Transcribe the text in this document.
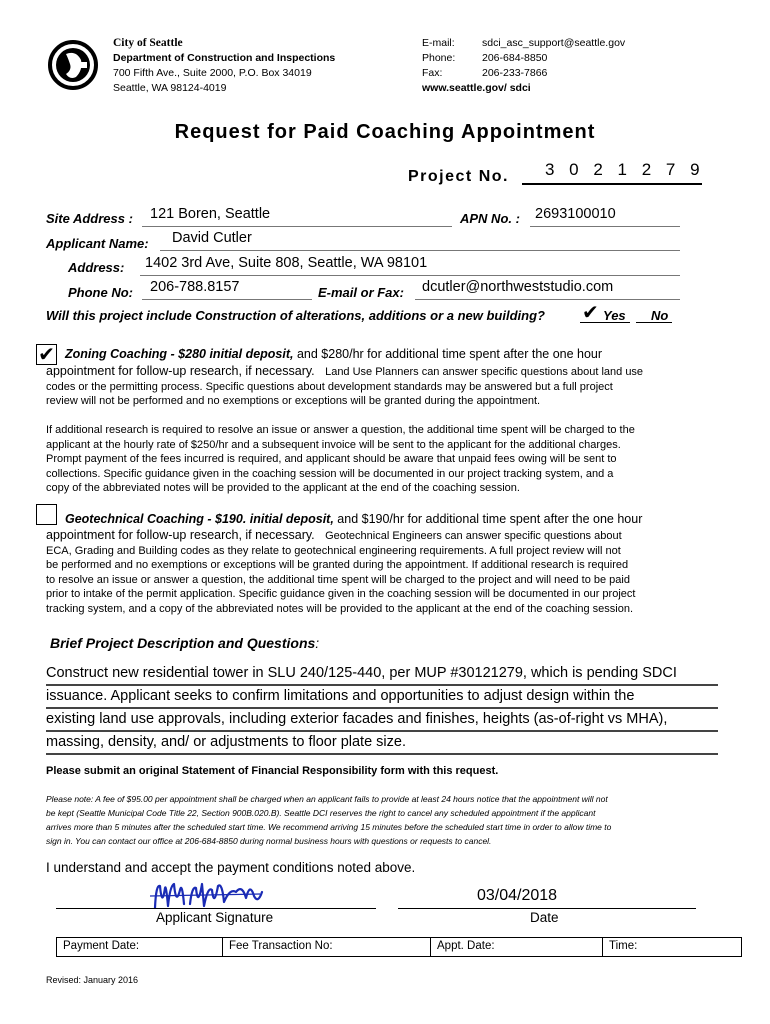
City of Seattle
Department of Construction and Inspections
700 Fifth Ave., Suite 2000, P.O. Box 34019
Seattle, WA 98124-4019
E-mail:	sdci_asc_support@seattle.gov
Phone:	206-684-8850
Fax:	206-233-7866
www.seattle.gov/ sdci
Request for Paid Coaching Appointment
Project No. 3 0 2 1 2 7 9
Site Address : 121 Boren, Seattle	APN No. : 2693100010
Applicant Name: David Cutler
Address: 1402 3rd Ave, Suite 808, Seattle, WA 98101
Phone No: 206-788.8157	E-mail or Fax: dcutler@northweststudio.com
Will this project include Construction of alterations, additions or a new building? ✔ Yes No
✔ Zoning Coaching - $280 initial deposit, and $280/hr for additional time spent after the one hour
appointment for follow-up research, if necessary. Land Use Planners can answer specific questions about land use
codes or the permitting process. Specific questions about development standards may be answered but a full project
review will not be performed and no exemptions or exceptions will be granted during the appointment.
If additional research is required to resolve an issue or answer a question, the additional time spent will be charged to the
applicant at the hourly rate of $250/hr and a subsequent invoice will be sent to the applicant for the additional charges.
Prompt payment of the fees incurred is required, and applicant should be aware that unpaid fees owing will be sent to
collections. Specific guidance given in the coaching session will be documented in our project tracking system, and a
copy of the abbreviated notes will be provided to the applicant at the end of the coaching session.
Geotechnical Coaching - $190. initial deposit, and $190/hr for additional time spent after the one hour
appointment for follow-up research, if necessary. Geotechnical Engineers can answer specific questions about
ECA, Grading and Building codes as they relate to geotechnical engineering requirements. A full project review will not
be performed and no exemptions or exceptions will be granted during the appointment. If additional research is required
to resolve an issue or answer a question, the additional time spent will be charged to the project and will need to be paid
prior to intake of the permit application. Specific guidance given in the coaching session will be documented in our project
tracking system, and a copy of the abbreviated notes will be provided to the applicant at the end of the coaching session.
Brief Project Description and Questions:
Construct new residential tower in SLU 240/125-440, per MUP #30121279, which is pending SDCI
issuance. Applicant seeks to confirm limitations and opportunities to adjust design within the
existing land use approvals, including exterior facades and finishes, heights (as-of-right vs MHA),
massing, density, and/ or adjustments to floor plate size.
Please submit an original Statement of Financial Responsibility form with this request.
Please note: A fee of $95.00 per appointment shall be charged when an applicant fails to provide at least 24 hours notice that the appointment will not
be kept (Seattle Municipal Code Title 22, Section 900B.020.B). Seattle DCI reserves the right to cancel any scheduled appointment if the applicant
arrives more than 5 minutes after the scheduled start time. We recommend arriving 15 minutes before the scheduled start time in order to allow time to
sign in. You can contact our office at 206-684-8850 during normal business hours with questions or requests to cancel.
I understand and accept the payment conditions noted above.
Applicant Signature
03/04/2018
Date
Payment Date:	Fee Transaction No:	Appt. Date:	Time:
Revised: January 2016
